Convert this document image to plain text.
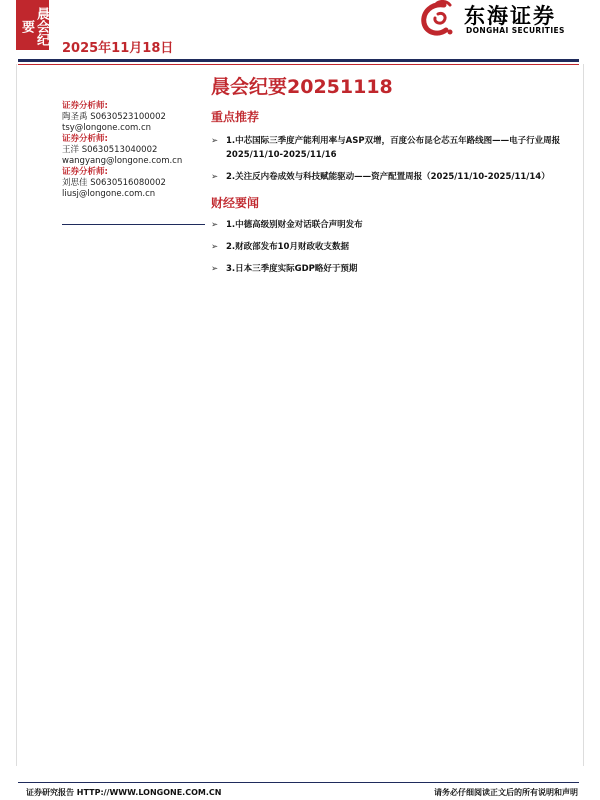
晨会纪要
2025年11月18日
东海证券
DONGHAI SECURITIES
晨会纪要20251118
证券分析师:
陶圣禹 S0630523100002
tsy@longone.com.cn
证券分析师:
王洋 S0630513040002
wangyang@longone.com.cn
证券分析师:
刘思佳 S0630516080002
liusj@longone.com.cn
重点推荐
➢ 1.中芯国际三季度产能利用率与ASP双增，百度公布昆仑芯五年路线图——电子行业周报 2025/11/10-2025/11/16
➢ 2.关注反内卷成效与科技赋能驱动——资产配置周报（2025/11/10-2025/11/14）
财经要闻
➢ 1.中德高级别财金对话联合声明发布
➢ 2.财政部发布10月财政收支数据
➢ 3.日本三季度实际GDP略好于预期
证券研究报告 HTTP://WWW.LONGONE.COM.CN	请务必仔细阅读正文后的所有说明和声明
